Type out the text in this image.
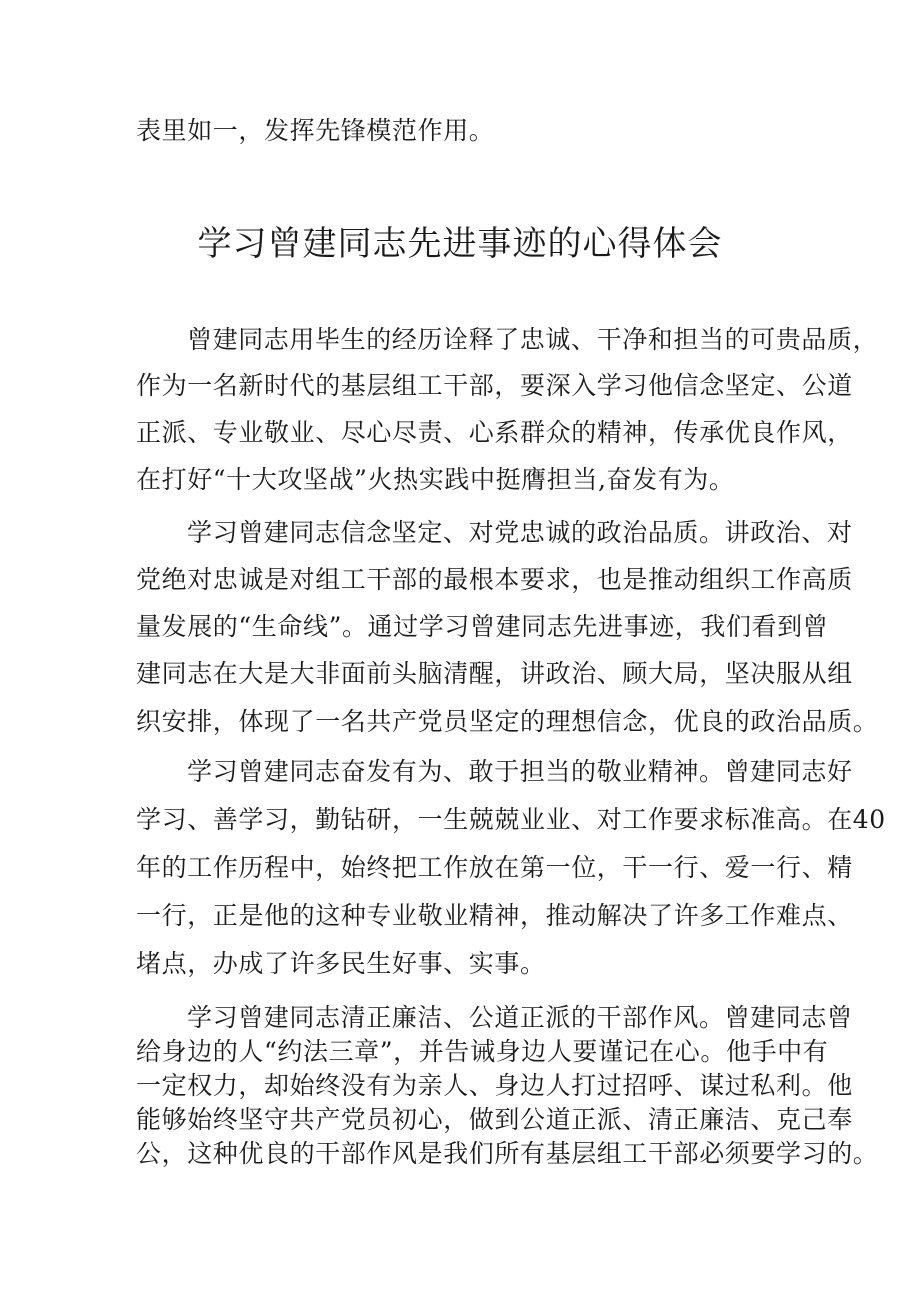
表里如一，发挥先锋模范作用。
学习曾建同志先进事迹的心得体会
曾建同志用毕生的经历诠释了忠诚、干净和担当的可贵品质，
作为一名新时代的基层组工干部，要深入学习他信念坚定、公道
正派、专业敬业、尽心尽责、心系群众的精神，传承优良作风，
在打好“十大攻坚战”火热实践中挺膺担当,奋发有为。
学习曾建同志信念坚定、对党忠诚的政治品质。讲政治、对
党绝对忠诚是对组工干部的最根本要求，也是推动组织工作高质
量发展的“生命线”。通过学习曾建同志先进事迹，我们看到曾
建同志在大是大非面前头脑清醒，讲政治、顾大局，坚决服从组
织安排，体现了一名共产党员坚定的理想信念，优良的政治品质。
学习曾建同志奋发有为、敢于担当的敬业精神。曾建同志好
学习、善学习，勤钻研，一生兢兢业业、对工作要求标准高。在40
年的工作历程中，始终把工作放在第一位，干一行、爱一行、精
一行，正是他的这种专业敬业精神，推动解决了许多工作难点、
堵点，办成了许多民生好事、实事。
学习曾建同志清正廉洁、公道正派的干部作风。曾建同志曾
给身边的人“约法三章”，并告诫身边人要谨记在心。他手中有
一定权力，却始终没有为亲人、身边人打过招呼、谋过私利。他
能够始终坚守共产党员初心，做到公道正派、清正廉洁、克己奉
公，这种优良的干部作风是我们所有基层组工干部必须要学习的。
